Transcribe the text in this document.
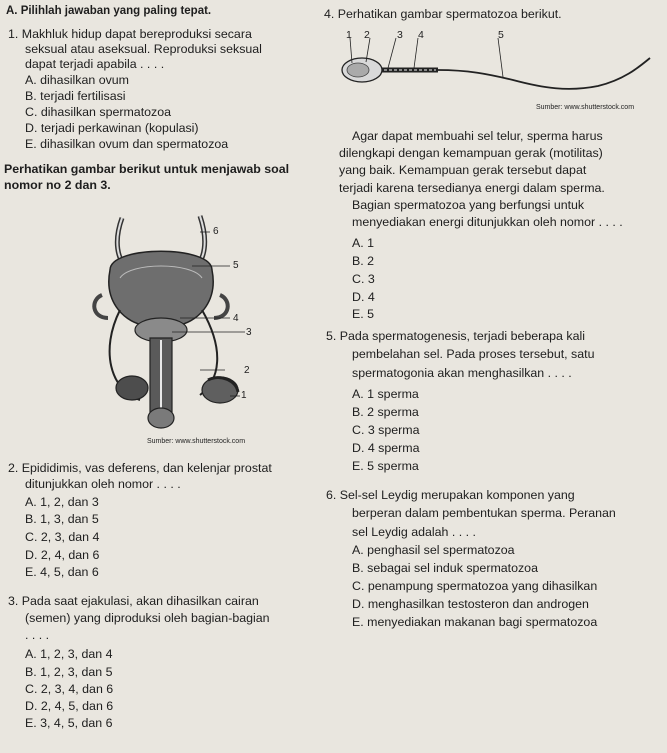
A. Pilihlah jawaban yang paling tepat.
1. Makhluk hidup dapat bereproduksi secara
seksual atau aseksual. Reproduksi seksual
dapat terjadi apabila . . . .
A. dihasilkan ovum
B. terjadi fertilisasi
C. dihasilkan spermatozoa
D. terjadi perkawinan (kopulasi)
E. dihasilkan ovum dan spermatozoa
Perhatikan gambar berikut untuk menjawab soal
nomor no 2 dan 3.
6
5
4
3
2
1
Sumber: www.shutterstock.com
2. Epididimis, vas deferens, dan kelenjar prostat
ditunjukkan oleh nomor . . . .
A. 1, 2, dan 3
B. 1, 3, dan 5
C. 2, 3, dan 4
D. 2, 4, dan 6
E. 4, 5, dan 6
3. Pada saat ejakulasi, akan dihasilkan cairan
(semen) yang diproduksi oleh bagian-bagian
. . . .
A. 1, 2, 3, dan 4
B. 1, 2, 3, dan 5
C. 2, 3, 4, dan 6
D. 2, 4, 5, dan 6
E. 3, 4, 5, dan 6
4. Perhatikan gambar spermatozoa berikut.
1 2	3 4	5
Sumber: www.shutterstock.com
Agar dapat membuahi sel telur, sperma harus
dilengkapi dengan kemampuan gerak (motilitas)
yang baik. Kemampuan gerak tersebut dapat
terjadi karena tersedianya energi dalam sperma.
Bagian spermatozoa yang berfungsi untuk
menyediakan energi ditunjukkan oleh nomor . . . .
A. 1
B. 2
C. 3
D. 4
E. 5
5. Pada spermatogenesis, terjadi beberapa kali
pembelahan sel. Pada proses tersebut, satu
spermatogonia akan menghasilkan . . . .
A. 1 sperma
B. 2 sperma
C. 3 sperma
D. 4 sperma
E. 5 sperma
6. Sel-sel Leydig merupakan komponen yang
berperan dalam pembentukan sperma. Peranan
sel Leydig adalah . . . .
A. penghasil sel spermatozoa
B. sebagai sel induk spermatozoa
C. penampung spermatozoa yang dihasilkan
D. menghasilkan testosteron dan androgen
E. menyediakan makanan bagi spermatozoa
